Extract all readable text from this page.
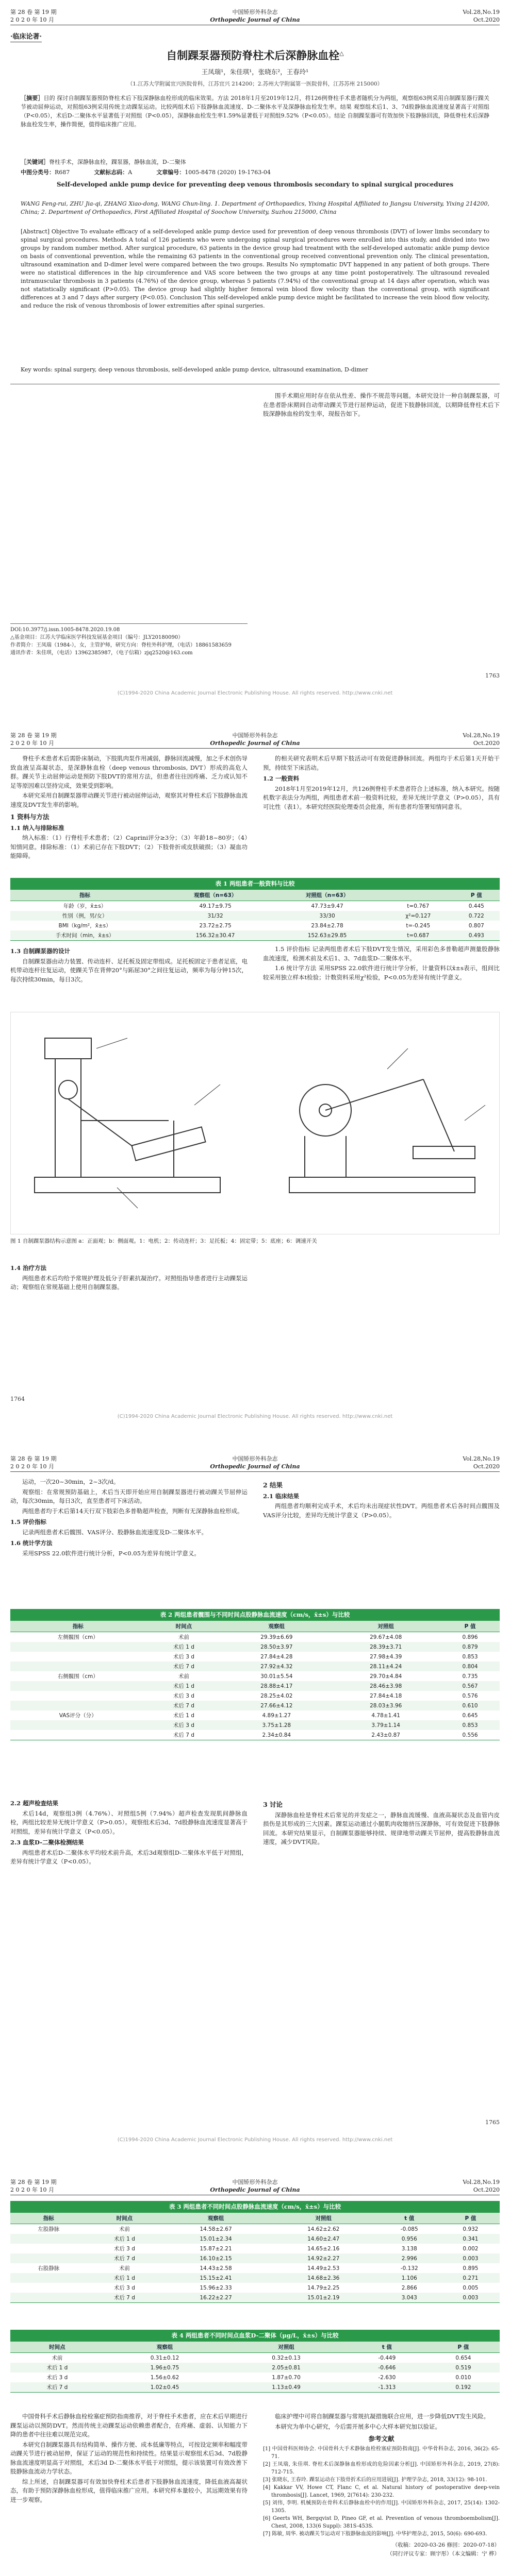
第 28 卷 第 19 期
2 0 2 0 年 10 月
中国矫形外科杂志
Orthopedic Journal of China
Vol.28,No.19
Oct.2020
·临床论著·
自制踝泵器预防脊柱术后深静脉血栓△
王凤瑞¹，朱佳琪¹，张晓东²，王春玲¹
（1.江苏大学附属宜兴医院骨科，江苏宜兴 214200；2.苏州大学附属第一医院骨科，江苏苏州 215000）
［摘要］目的 探讨自制踝泵器预防脊柱术后下肢深静脉血栓形成的临床效果。方法 2018年1月至2019年12月，将126例脊柱手术患者随机分为两组，观察组63例采用自制踝泵器行踝关节被动屈伸运动，对照组63例采用传统主动踝泵运动。比较两组术后下肢静脉血流速度、D-二聚体水平及深静脉血栓发生率。结果 观察组术后1、3、7d股静脉血流速度显著高于对照组（P<0.05），术后D-二聚体水平显著低于对照组（P<0.05），深静脉血栓发生率1.59%显著低于对照组9.52%（P<0.05）。结论 自制踝泵器可有效加快下肢静脉回流，降低脊柱术后深静脉血栓发生率，操作简便，值得临床推广应用。
［关键词］脊柱手术，深静脉血栓，踝泵器，静脉血流，D-二聚体
中图分类号：R687	文献标志码：A	文章编号：1005-8478 (2020) 19-1763-04
Self-developed ankle pump device for preventing deep venous thrombosis secondary to spinal surgical procedures
WANG Feng-rui, ZHU Jia-qi, ZHANG Xiao-dong, WANG Chun-ling. 1. Department of Orthopaedics, Yixing Hospital Affiliated to Jiangsu University, Yixing 214200, China; 2. Department of Orthopaedics, First Affiliated Hospital of Soochow University, Suzhou 215000, China
[Abstract] Objective To evaluate efficacy of a self-developed ankle pump device used for prevention of deep venous thrombosis (DVT) of lower limbs secondary to spinal surgical procedures. Methods A total of 126 patients who were undergoing spinal surgical procedures were enrolled into this study, and divided into two groups by random number method. After surgical procedure, 63 patients in the device group had treatment with the self-developed automatic ankle pump device on basis of conventional prevention, while the remaining 63 patients in the conventional group received conventional prevention only. The clinical presentation, ultrasound examination and D-dimer level were compared between the two groups. Results No symptomatic DVT happened in any patient of both groups. There were no statistical differences in the hip circumference and VAS score between the two groups at any time point postoperatively. The ultrasound revealed intramuscular thrombosis in 3 patients (4.76%) of the device group, whereas 5 patients (7.94%) of the conventional group at 14 days after operation, which was not statistically significant (P>0.05). The device group had slightly higher femoral vein blood flow velocity than the conventional group, with significant differences at 3 and 7 days after surgery (P<0.05). Conclusion This self-developed ankle pump device might be facilitated to increase the vein blood flow velocity, and reduce the risk of venous thrombosis of lower extremities after spinal surgeries.
Key words: spinal surgery, deep venous thrombosis, self-developed ankle pump device, ultrasound examination, D-dimer
DOI:10.3977/j.issn.1005-8478.2020.19.08
△基金项目：江苏大学临床医学科技发展基金项目（编号：JLY20180090）
作者简介：王凤瑞（1984-），女，主管护师，研究方向：脊柱外科护理，（电话）18861583659
通讯作者：朱佳琪，（电话）13962385987，（电子信箱）zjq2520@163.com

围手术期应用时存在依从性差、操作不规范等问题。本研究设计一种自制踝泵器，可在患者卧床期间自动带动踝关节进行屈伸运动，促进下肢静脉回流，以期降低脊柱术后下肢深静脉血栓的发生率，现报告如下。

1763
(C)1994-2020 China Academic Journal Electronic Publishing House. All rights reserved. http://www.cnki.net
第 28 卷 第 19 期
2 0 2 0 年 10 月
中国矫形外科杂志
Orthopedic Journal of China
Vol.28,No.19
Oct.2020

脊柱手术患者术后需卧床制动，下肢肌肉泵作用减弱，静脉回流减慢，加之手术创伤导致血液呈高凝状态，是深静脉血栓（deep venous thrombosis, DVT）形成的高危人群。踝关节主动屈伸运动是预防下肢DVT的常用方法，但患者往往因疼痛、乏力或认知不足等原因难以坚持完成，效果受到影响。

本研究采用自制踝泵器带动踝关节进行被动屈伸运动，观察其对脊柱术后下肢静脉血流速度及DVT发生率的影响。

1 资料与方法
1.1 纳入与排除标准

纳入标准：（1）行脊柱手术患者；（2）Caprini评分≥3分；（3）年龄18~80岁；（4）知情同意。排除标准：（1）术前已存在下肢DVT；（2）下肢骨折或皮肤破损；（3）凝血功能障碍。

的相关研究表明术后早期下肢活动可有效促进静脉回流。两组均于术后第1天开始干预，持续至下床活动。

1.2 一般资料

2018年1月至2019年12月，共126例脊柱手术患者符合上述标准，纳入本研究。按随机数字表法分为两组，两组患者术前一般资料比较，差异无统计学意义（P>0.05），具有可比性（表1）。本研究经医院伦理委员会批准，所有患者均签署知情同意书。

表 1 两组患者一般资料与比较
指标	观察组（n=63）	对照组（n=63）		P 值
年龄（岁，x̄±s）	49.17±9.75	47.73±9.47	t=0.767	0.445
性别（例，男/女）	31/32	33/30	χ²=0.127	0.722
BMI（kg/m²，x̄±s）	23.72±2.75	23.84±2.78	t=-0.245	0.807
手术时间（min，x̄±s）	156.32±30.47	152.63±29.85	t=0.687	0.493
1.3 自制踝泵器的设计

自制踝泵器由动力装置、传动连杆、足托板及固定带组成。足托板固定于患者足底，电机带动连杆往复运动，使踝关节在背伸20°与跖屈30°之间往复运动，频率为每分钟15次，每次持续30min，每日3次。

1.5 评价指标 记录两组患者术后下肢DVT发生情况，采用彩色多普勒超声测量股静脉血流速度，检测术前及术后1、3、7d血浆D-二聚体水平。

1.6 统计学方法 采用SPSS 22.0软件进行统计学分析，计量资料以x̄±s表示，组间比较采用独立样本t检验；计数资料采用χ²检验，P<0.05为差异有统计学意义。

图 1 自制踝泵器结构示意图 a：正面观；b：侧面观。1：电机；2：传动连杆；3：足托板；4：固定带；5：底座；6：调速开关
1.4 治疗方法

两组患者术后均给予常规护理及低分子肝素抗凝治疗。对照组指导患者进行主动踝泵运动；观察组在常规基础上使用自制踝泵器。

1764
(C)1994-2020 China Academic Journal Electronic Publishing House. All rights reserved. http://www.cnki.net
第 28 卷 第 19 期
2 0 2 0 年 10 月
中国矫形外科杂志
Orthopedic Journal of China
Vol.28,No.19
Oct.2020

运动，一次20~30min，2~3次/d。

观察组：在常规预防基础上，术后当天即开始应用自制踝泵器进行被动踝关节屈伸运动，每次30min，每日3次，直至患者可下床活动。

两组患者均于术后第14天行双下肢彩色多普勒超声检查，判断有无深静脉血栓形成。

1.5 评价指标

记录两组患者术后髋围、VAS评分、股静脉血流速度及D-二聚体水平。

1.6 统计学方法

采用SPSS 22.0软件进行统计分析，P<0.05为差异有统计学意义。

2 结果
2.1 临床结果

两组患者均顺利完成手术，术后均未出现症状性DVT。两组患者术后各时间点髋围及VAS评分比较，差异均无统计学意义（P>0.05）。

表 2 两组患者髋围与不同时间点股静脉血流速度（cm/s，x̄±s）与比较
指标	时间点	观察组	对照组	P 值
左侧髋围（cm）	术前	29.39±6.69	29.67±4.08	0.896
	术后 1 d	28.50±3.97	28.39±3.71	0.879
	术后 3 d	27.84±4.28	27.98±4.39	0.853
	术后 7 d	27.92±4.32	28.11±4.24	0.804
右侧髋围（cm）	术前	30.01±5.54	29.70±4.84	0.735
	术后 1 d	28.88±4.17	28.46±3.98	0.567
	术后 3 d	28.25±4.02	27.84±4.18	0.576
	术后 7 d	27.66±4.12	28.03±3.96	0.610
VAS评分（分）	术后 1 d	4.89±1.27	4.78±1.41	0.645
	术后 3 d	3.75±1.28	3.79±1.14	0.853
	术后 7 d	2.34±0.84	2.43±0.87	0.556
2.2 超声检查结果

术后14d，观察组3例（4.76%）、对照组5例（7.94%）超声检查发现肌间静脉血栓，两组比较差异无统计学意义（P>0.05）。观察组术后3d、7d股静脉血流速度显著高于对照组，差异有统计学意义（P<0.05）。

2.3 血浆D-二聚体检测结果

两组患者术后D-二聚体水平均较术前升高，术后3d观察组D-二聚体水平低于对照组，差异有统计学意义（P<0.05）。

3 讨论

深静脉血栓是脊柱术后常见的并发症之一，静脉血流缓慢、血液高凝状态及血管内皮损伤是其形成的三大因素。踝泵运动通过小腿肌肉收缩挤压深静脉，可有效促进下肢静脉回流。本研究结果显示，自制踝泵器能够持续、规律地带动踝关节屈伸，提高股静脉血流速度，减少DVT风险。

1765
(C)1994-2020 China Academic Journal Electronic Publishing House. All rights reserved. http://www.cnki.net
第 28 卷 第 19 期
2 0 2 0 年 10 月
中国矫形外科杂志
Orthopedic Journal of China
Vol.28,No.19
Oct.2020
表 3 两组患者不同时间点股静脉血流速度（cm/s，x̄±s）与比较
指标	时间点	观察组	对照组	t 值	P 值
左股静脉	术前	14.58±2.67	14.62±2.62	-0.085	0.932
	术后 1 d	15.01±2.34	14.60±2.47	0.956	0.341
	术后 3 d	15.87±2.21	14.65±2.16	3.138	0.002
	术后 7 d	16.10±2.15	14.92±2.27	2.996	0.003
右股静脉	术前	14.43±2.58	14.49±2.53	-0.132	0.895
	术后 1 d	15.15±2.41	14.68±2.36	1.106	0.271
	术后 3 d	15.96±2.33	14.79±2.25	2.866	0.005
	术后 7 d	16.22±2.27	15.01±2.19	3.043	0.003
表 4 两组患者不同时间点血浆D-二聚体（μg/L，x̄±s）与比较
时间点	观察组	对照组	t 值	P 值
术前	0.31±0.12	0.32±0.13	-0.449	0.654
术后 1 d	1.96±0.75	2.05±0.81	-0.646	0.519
术后 3 d	1.56±0.62	1.87±0.70	-2.630	0.010
术后 7 d	1.02±0.45	1.13±0.49	-1.313	0.192

中国骨科手术后静脉血栓栓塞症预防指南推荐，对于脊柱手术患者，应在术后早期进行踝泵运动以预防DVT。然而传统主动踝泵运动依赖患者配合，在疼痛、虚弱、认知能力下降的患者中往往难以规范完成。

本研究自制踝泵器具有结构简单、操作方便、成本低廉等特点，可按设定频率和幅度带动踝关节进行被动屈伸，保证了运动的规范性和持续性。结果显示观察组术后3d、7d股静脉血流速度明显高于对照组，术后3d D-二聚体水平低于对照组，提示该装置可有效改善下肢静脉血流动力学状态。

综上所述，自制踝泵器可有效加快脊柱术后患者下肢静脉血流速度，降低血液高凝状态，有助于预防深静脉血栓形成，值得临床推广应用。本研究样本量较小，其远期效果有待进一步观察。

临床护理中可将自制踝泵器与常规抗凝措施联合应用，进一步降低DVT发生风险。

本研究为单中心研究，今后需开展多中心大样本研究加以验证。

参考文献
[1] 中国骨科医师协会. 中国骨科大手术静脉血栓栓塞症预防指南[J]. 中华骨科杂志, 2016, 36(2): 65-71.
[2] 王凤瑞, 朱佳琪. 脊柱术后深静脉血栓形成的危险因素分析[J]. 中国矫形外科杂志, 2019, 27(8): 712-715.
[3] 张晓东, 王春玲. 踝泵运动在下肢骨折术后的应用进展[J]. 护理学杂志, 2018, 33(12): 98-101.
[4] Kakkar VV, Howe CT, Flanc C, et al. Natural history of postoperative deep-vein thrombosis[J]. Lancet, 1969, 2(7614): 230-232.
[5] 刘伟, 李明. 机械预防在骨科术后静脉血栓中的作用[J]. 中国矫形外科杂志, 2017, 25(14): 1302-1305.
[6] Geerts WH, Bergqvist D, Pineo GF, et al. Prevention of venous thromboembolism[J]. Chest, 2008, 133(6 Suppl): 381S-453S.
[7] 陈敏, 周华. 被动踝关节运动对下肢静脉血流的影响[J]. 中华护理杂志, 2015, 50(6): 690-693.
（收稿：2020-03-26 修回：2020-07-18）
（同行评议专家：顾宇彤）（本文编辑：宁 桦）
